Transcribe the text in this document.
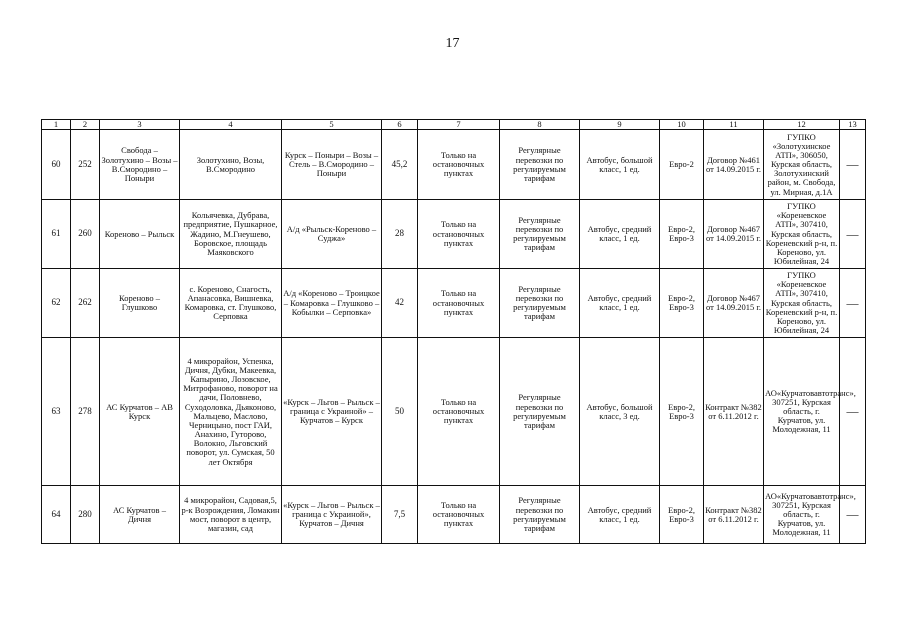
17
1	2	3	4	5	6	7	8	9	10	11	12	13
60	252	Свобода – Золотухино – Возы – В.Смородино – Поныри	Золотухино, Возы, В.Смородино	Курск – Поныри – Возы – Стель – В.Смородино – Поныри	45,2	Только на остановочных пунктах	Регулярные перевозки по регулируемым тарифам	Автобус, большой класс, 1 ед.	Евро-2	Договор №461 от 14.09.2015 г.	ГУПКО «Золотухинское АТП», 306050, Курская область, Золотухинский район, м. Свобода, ул. Мирная, д.1А	—
61	260	Кореново – Рыльск	Кольячевка, Дубрава, предприятие, Пушкарное, Жадино, М.Гнеушево, Боровское, площадь Маяковского	А/д «Рыльск-Кореново – Суджа»	28	Только на остановочных пунктах	Регулярные перевозки по регулируемым тарифам	Автобус, средний класс, 1 ед.	Евро-2, Евро-3	Договор №467 от 14.09.2015 г.	ГУПКО «Кореневское АТП», 307410, Курская область, Кореневский р-н, п. Кореново, ул. Юбилейная, 24	—
62	262	Кореново – Глушково	с. Кореново, Снагость, Апанасовка, Вишневка, Комаровка, ст. Глушково, Серповка	А/д «Кореново – Троицкое – Комаровка – Глушково – Кобылки – Серповка»	42	Только на остановочных пунктах	Регулярные перевозки по регулируемым тарифам	Автобус, средний класс, 1 ед.	Евро-2, Евро-3	Договор №467 от 14.09.2015 г.	ГУПКО «Кореневское АТП», 307410, Курская область, Кореневский р-н, п. Кореново, ул. Юбилейная, 24	—
63	278	АС Курчатов – АВ Курск	4 микрорайон, Успенка, Дичня, Дубки, Макеевка, Капыринo, Лозовское, Митрофаново, поворот на дачи, Половнево, Суходоловка, Дьяконово, Мальцево, Маслово, Черницыно, пост ГАИ, Анахино, Гуторово, Волокно, Льговский поворот, ул. Сумская, 50 лет Октября	«Курск – Льгов – Рыльск – граница с Украиной» – Курчатов – Курск	50	Только на остановочных пунктах	Регулярные перевозки по регулируемым тарифам	Автобус, большой класс, 3 ед.	Евро-2, Евро-3	Контракт №382 от 6.11.2012 г.	АО«Курчатовавтотранс», 307251, Курская область, г. Курчатов, ул. Молодежная, 11	—
64	280	АС Курчатов – Дичня	4 микрорайон, Садовая,5, р-к Возрождения, Ломакин мост, поворот в центр, магазин, сад	«Курск – Льгов – Рыльск – граница с Украиной», Курчатов – Дичня	7,5	Только на остановочных пунктах	Регулярные перевозки по регулируемым тарифам	Автобус, средний класс, 1 ед.	Евро-2, Евро-3	Контракт №382 от 6.11.2012 г.	АО«Курчатовавтотранс», 307251, Курская область, г. Курчатов, ул. Молодежная, 11	—
